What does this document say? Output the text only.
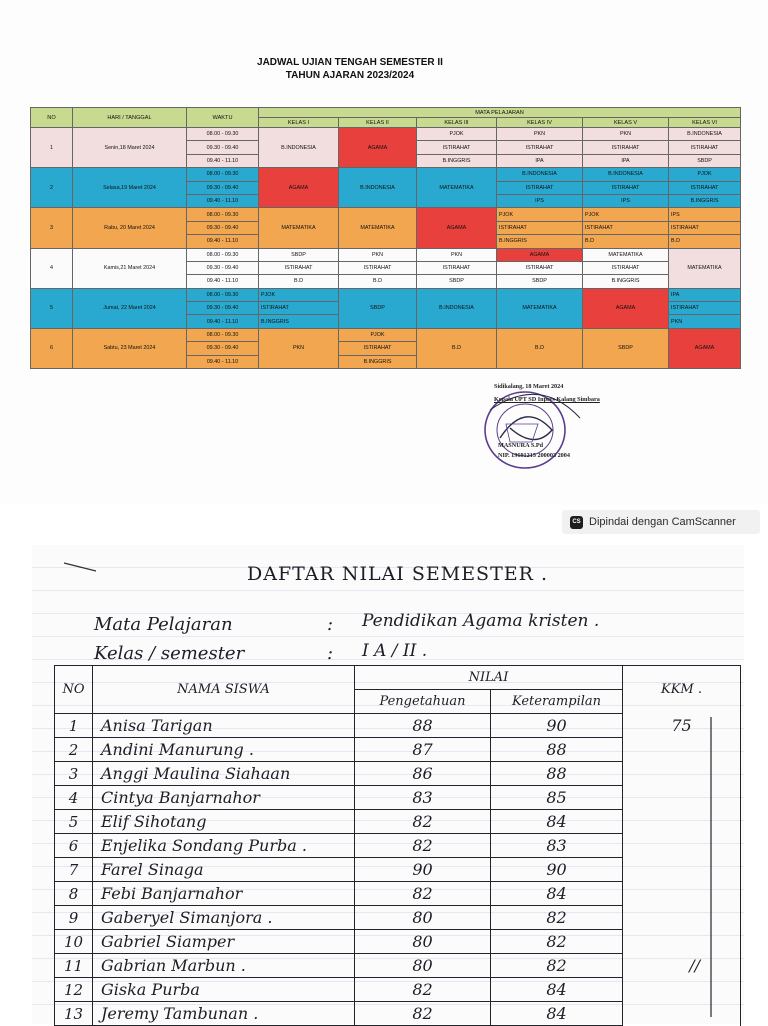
JADWAL UJIAN TENGAH SEMESTER II
TAHUN AJARAN 2023/2024
NO	HARI / TANGGAL	WAKTU	MATA PELAJARAN					
			KELAS I	KELAS II	KELAS III	KELAS IV	KELAS V	KELAS VI
1	Senin,18 Maret 2024	08.00 - 09.30	B.INDONESIA	AGAMA	PJOK	PKN	PKN	B.INDONESIA
		09.30 - 09.40			ISTIRAHAT	ISTIRAHAT	ISTIRAHAT	ISTIRAHAT
		09.40 - 11.10			B.INGGRIS	IPA	IPA	SBDP
2	Selasa,19 Maret 2024	08.00 - 09.30	AGAMA	B.INDONESIA	MATEMATIKA	B.INDONESIA	B.INDONESIA	PJOK
		09.30 - 09.40				ISTIRAHAT	ISTIRAHAT	ISTIRAHAT
		09.40 - 11.10				IPS	IPS	B.INGGRIS
3	Rabu, 20 Maret 2024	08.00 - 09.30	MATEMATIKA	MATEMATIKA	AGAMA	PJOK	PJOK	IPS
		09.30 - 09.40				ISTIRAHAT	ISTIRAHAT	ISTIRAHAT
		09.40 - 11.10				B.INGGRIS	B.D	B.D
4	Kamis,21 Maret 2024	08.00 - 09.30	SBDP	PKN	PKN	AGAMA	MATEMATIKA	MATEMATIKA
		09.30 - 09.40	ISTIRAHAT	ISTIRAHAT	ISTIRAHAT	ISTIRAHAT	ISTIRAHAT	
		09.40 - 11.10	B.D	B.D	SBDP	SBDP	B.INGGRIS	
5	Jumat, 22 Maret 2024	08.00 - 09.30	PJOK	SBDP	B.INDONESIA	MATEMATIKA	AGAMA	IPA
		09.30 - 09.40	ISTIRAHAT					ISTIRAHAT
		09.40 - 11.10	B.INGGRIS					PKN
6	Sabtu, 23 Maret 2024	08.00 - 09.30	PKN	PJOK	B.D	B.D	SBDP	AGAMA
		09.30 - 09.40		ISTIRAHAT				
		09.40 - 11.10		B.INGGRIS				
Sidikalang, 18 Maret 2024
Kepala UPT SD Inpres Kalang Simbara
MASNURA S.Pd
NIP. 19691215 200003 2004
CS Dipindai dengan CamScanner
DAFTAR NILAI SEMESTER .
Mata Pelajaran	: Pendidikan Agama kristen .
Kelas / semester	: I A / II .
NO	NAMA SISWA	NILAI		KKM .
		Pengetahuan	Keterampilan	
1	Anisa Tarigan	88	90	75
2	Andini Manurung .	87	88	
3	Anggi Maulina Siahaan	86	88	
4	Cintya Banjarnahor	83	85	
5	Elif Sihotang	82	84	
6	Enjelika Sondang Purba .	82	83	
7	Farel Sinaga	90	90	
8	Febi Banjarnahor	82	84	
9	Gaberyel Simanjora .	80	82	
10	Gabriel Siamper	80	82	
11	Gabrian Marbun .	80	82	//
12	Giska Purba	82	84	
13	Jeremy Tambunan .	82	84	
